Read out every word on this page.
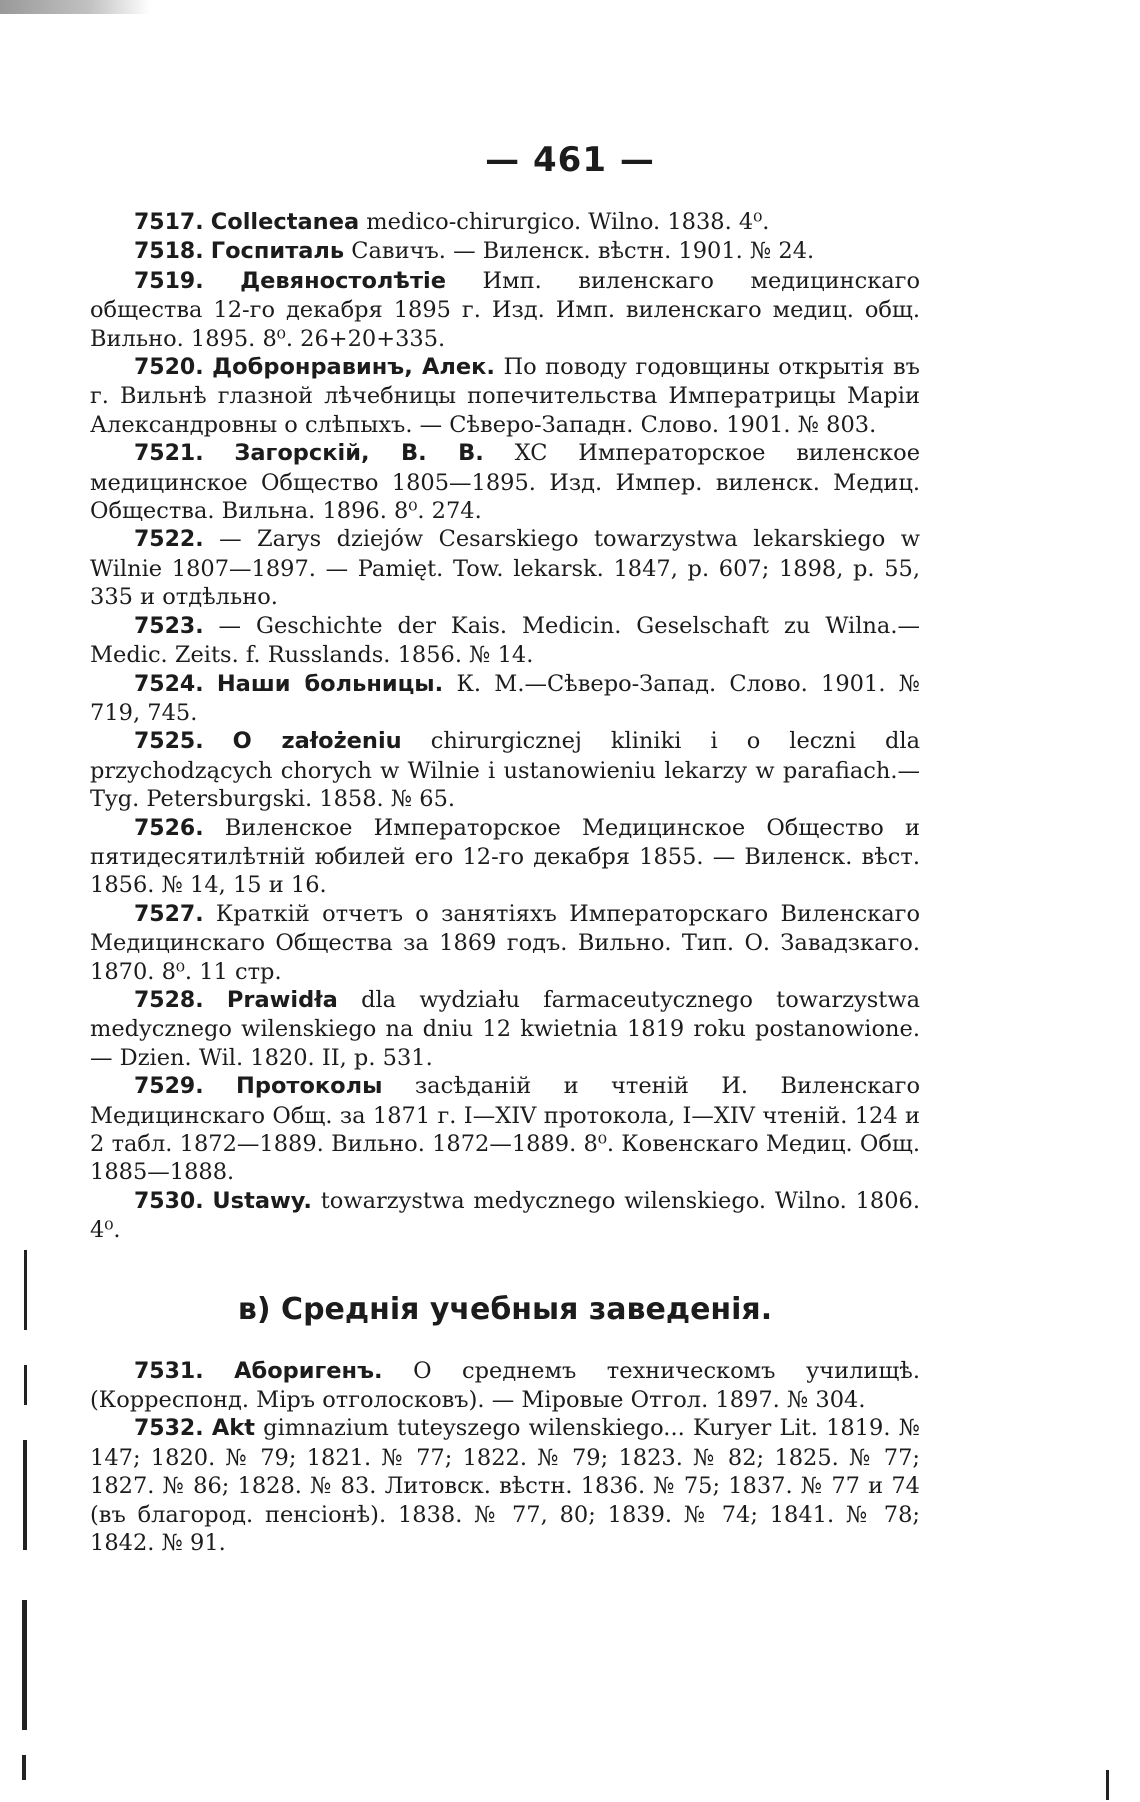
— 461 —

7517. Collectanea medico-chirurgico. Wilno. 1838. 4⁰.

7518. Госпиталь Савичъ. — Виленск. вѣстн. 1901. № 24.

7519. Девяностолѣтіе Имп. виленскаго медицинскаго общества 12-го декабря 1895 г. Изд. Имп. виленскаго медиц. общ. Вильно. 1895. 8⁰. 26+20+335.

7520. Добронравинъ, Алек. По поводу годовщины открытія въ г. Вильнѣ глазной лѣчебницы попечительства Императрицы Маріи Александровны о слѣпыхъ. — Сѣверо-Западн. Слово. 1901. № 803.

7521. Загорскій, В. В. XC Императорское виленское медицинское Общество 1805—1895. Изд. Импер. виленск. Медиц. Общества. Вильна. 1896. 8⁰. 274.

7522. — Zarys dziejów Cesarskiego towarzystwa lekarskiego w Wilnie 1807—1897. — Pamięt. Tow. lekarsk. 1847, p. 607; 1898, p. 55, 335 и отдѣльно.

7523. — Geschichte der Kais. Medicin. Geselschaft zu Wilna.— Medic. Zeits. f. Russlands. 1856. № 14.

7524. Наши больницы. К. М.—Сѣверо-Запад. Слово. 1901. № 719, 745.

7525. O założeniu chirurgicznej kliniki i o leczni dla przychodzących chorych w Wilnie i ustanowieniu lekarzy w parafiach.— Tyg. Petersburgski. 1858. № 65.

7526. Виленское Императорское Медицинское Общество и пятидесятилѣтній юбилей его 12-го декабря 1855. — Виленск. вѣст. 1856. № 14, 15 и 16.

7527. Краткій отчетъ о занятіяхъ Императорскаго Виленскаго Медицинскаго Общества за 1869 годъ. Вильно. Тип. О. Завадзкаго. 1870. 8⁰. 11 стр.

7528. Prawidła dla wydziału farmaceutycznego towarzystwa medycznego wilenskiego na dniu 12 kwietnia 1819 roku postanowione. — Dzien. Wil. 1820. II, p. 531.

7529. Протоколы засѣданій и чтеній И. Виленскаго Медицинскаго Общ. за 1871 г. I—XIV протокола, I—XIV чтеній. 124 и 2 табл. 1872—1889. Вильно. 1872—1889. 8⁰. Ковенскаго Медиц. Общ. 1885—1888.

7530. Ustawy. towarzystwa medycznego wilenskiego. Wilno. 1806. 4⁰.

в) Среднія учебныя заведенія.

7531. Аборигенъ. О среднемъ техническомъ училищѣ. (Корреспонд. Міръ отголосковъ). — Міровые Отгол. 1897. № 304.

7532. Akt gimnazium tuteyszego wilenskiego... Kuryer Lit. 1819. № 147; 1820. № 79; 1821. № 77; 1822. № 79; 1823. № 82; 1825. № 77; 1827. № 86; 1828. № 83. Литовск. вѣстн. 1836. № 75; 1837. № 77 и 74 (въ благород. пенсіонѣ). 1838. № 77, 80; 1839. № 74; 1841. № 78; 1842. № 91.
